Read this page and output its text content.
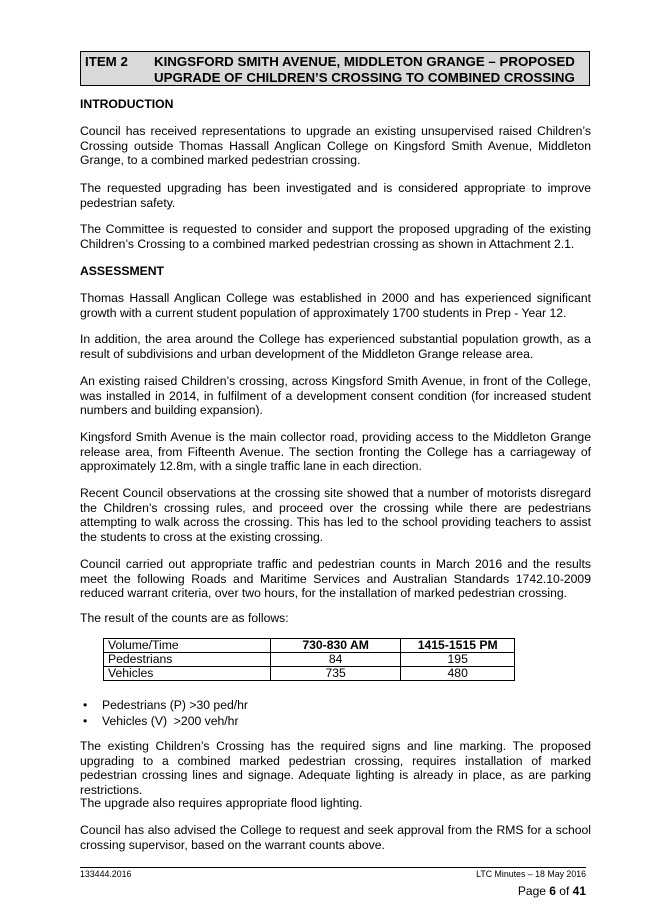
ITEM 2 KINGSFORD SMITH AVENUE, MIDDLETON GRANGE – PROPOSED UPGRADE OF CHILDREN’S CROSSING TO COMBINED CROSSING
INTRODUCTION

Council has received representations to upgrade an existing unsupervised raised Children’s Crossing outside Thomas Hassall Anglican College on Kingsford Smith Avenue, Middleton Grange, to a combined marked pedestrian crossing.

The requested upgrading has been investigated and is considered appropriate to improve pedestrian safety.

The Committee is requested to consider and support the proposed upgrading of the existing Children’s Crossing to a combined marked pedestrian crossing as shown in Attachment 2.1.

ASSESSMENT

Thomas Hassall Anglican College was established in 2000 and has experienced significant growth with a current student population of approximately 1700 students in Prep - Year 12.

In addition, the area around the College has experienced substantial population growth, as a result of subdivisions and urban development of the Middleton Grange release area.

An existing raised Children’s crossing, across Kingsford Smith Avenue, in front of the College, was installed in 2014, in fulfilment of a development consent condition (for increased student numbers and building expansion).

Kingsford Smith Avenue is the main collector road, providing access to the Middleton Grange release area, from Fifteenth Avenue. The section fronting the College has a carriageway of approximately 12.8m, with a single traffic lane in each direction.

Recent Council observations at the crossing site showed that a number of motorists disregard the Children’s crossing rules, and proceed over the crossing while there are pedestrians attempting to walk across the crossing. This has led to the school providing teachers to assist the students to cross at the existing crossing.

Council carried out appropriate traffic and pedestrian counts in March 2016 and the results meet the following Roads and Maritime Services and Australian Standards 1742.10-2009 reduced warrant criteria, over two hours, for the installation of marked pedestrian crossing.

The result of the counts are as follows:

Volume/Time	730-830 AM	1415-1515 PM
Pedestrians	84	195
Vehicles	735	480
• Pedestrians (P) >30 ped/hr
• Vehicles (V)  >200 veh/hr

The existing Children’s Crossing has the required signs and line marking. The proposed upgrading to a combined marked pedestrian crossing, requires installation of marked pedestrian crossing lines and signage. Adequate lighting is already in place, as are parking restrictions.

The upgrade also requires appropriate flood lighting.

Council has also advised the College to request and seek approval from the RMS for a school crossing supervisor, based on the warrant counts above.

133444.2016	LTC Minutes – 18 May 2016
Page 6 of 41
